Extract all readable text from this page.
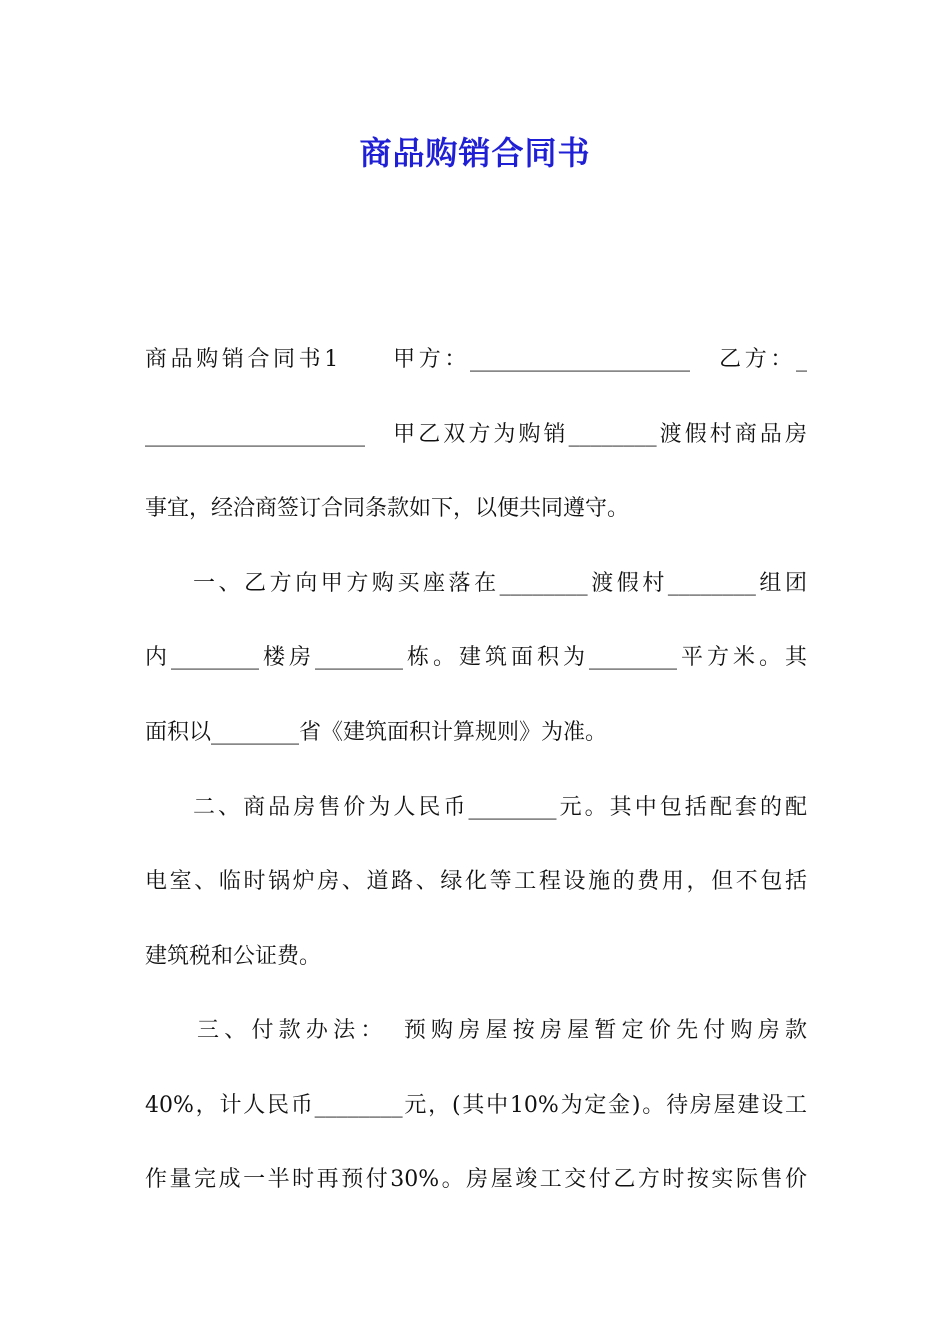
商品购销合同书
商品购销合同书1　　甲方：____________________　乙方：_
____________________　甲乙双方为购销________渡假村商品房
事宜，经洽商签订合同条款如下，以便共同遵守。
一、乙方向甲方购买座落在________渡假村________组团
内________楼房________栋。建筑面积为________平方米。其
面积以________省《建筑面积计算规则》为准。
二、商品房售价为人民币________元。其中包括配套的配
电室、临时锅炉房、道路、绿化等工程设施的费用，但不包括
建筑税和公证费。
三、付款办法：　预购房屋按房屋暂定价先付购房款
40%，计人民币________元，(其中10%为定金)。待房屋建设工
作量完成一半时再预付30%。房屋竣工交付乙方时按实际售价
